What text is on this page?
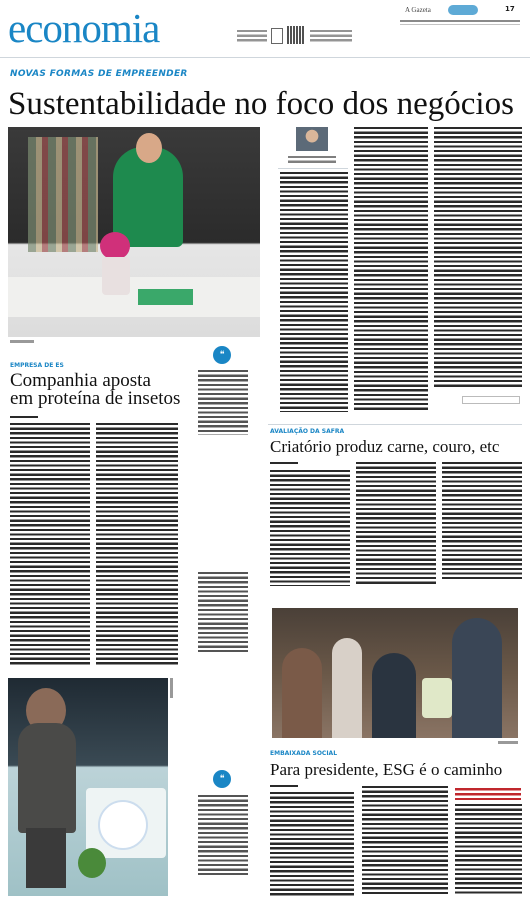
economia	A Gazeta	17
NOVAS FORMAS DE EMPREENDER
Sustentabilidade no foco dos negócios
EMPRESA DE ES
Companhia aposta
em proteína de insetos
❝
❝
AVALIAÇÃO DA SAFRA
Criatório produz carne, couro, etc
EMBAIXADA SOCIAL
Para presidente, ESG é o caminho
